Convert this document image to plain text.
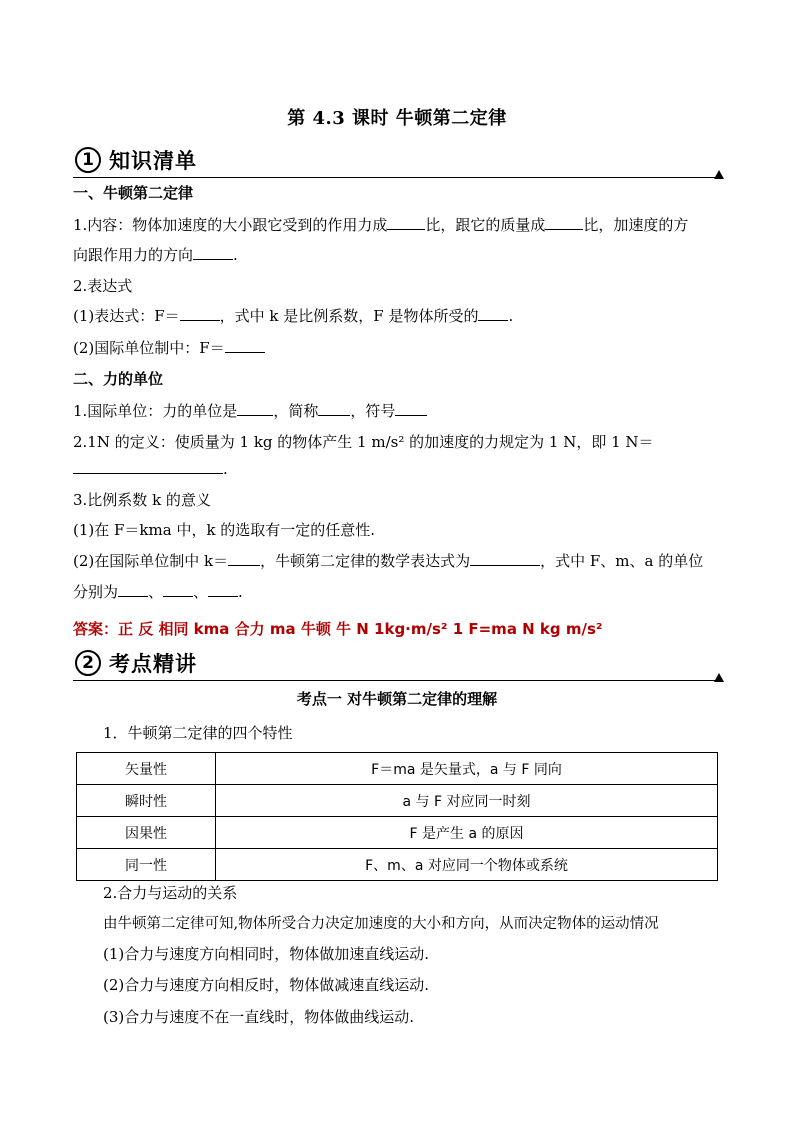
第 4.3 课时 牛顿第二定律
1 知识清单
一、牛顿第二定律
1.内容：物体加速度的大小跟它受到的作用力成	比，跟它的质量成	比，加速度的方
向跟作用力的方向	.
2.表达式
(1)表达式：F＝	，式中 k 是比例系数，F 是物体所受的 .
(2)国际单位制中：F＝
二、力的单位
1.国际单位：力的单位是 ，简称 ，符号
2.1N 的定义：使质量为 1 kg 的物体产生 1 m/s² 的加速度的力规定为 1 N，即 1 N＝
.
3.比例系数 k 的意义
(1)在 F＝kma 中，k 的选取有一定的任意性.
(2)在国际单位制中 k＝ ，牛顿第二定律的数学表达式为	，式中 F、m、a 的单位
分别为 、 、 .
答案：正 反 相同 kma 合力 ma 牛顿 牛 N 1kg·m/s² 1 F=ma N kg m/s²
2 考点精讲
考点一 对牛顿第二定律的理解
1．牛顿第二定律的四个特性
矢量性	F＝ma 是矢量式，a 与 F 同向
瞬时性	a 与 F 对应同一时刻
因果性	F 是产生 a 的原因
同一性	F、m、a 对应同一个物体或系统
2.合力与运动的关系
由牛顿第二定律可知,物体所受合力决定加速度的大小和方向，从而决定物体的运动情况
(1)合力与速度方向相同时，物体做加速直线运动.
(2)合力与速度方向相反时，物体做减速直线运动.
(3)合力与速度不在一直线时，物体做曲线运动.
